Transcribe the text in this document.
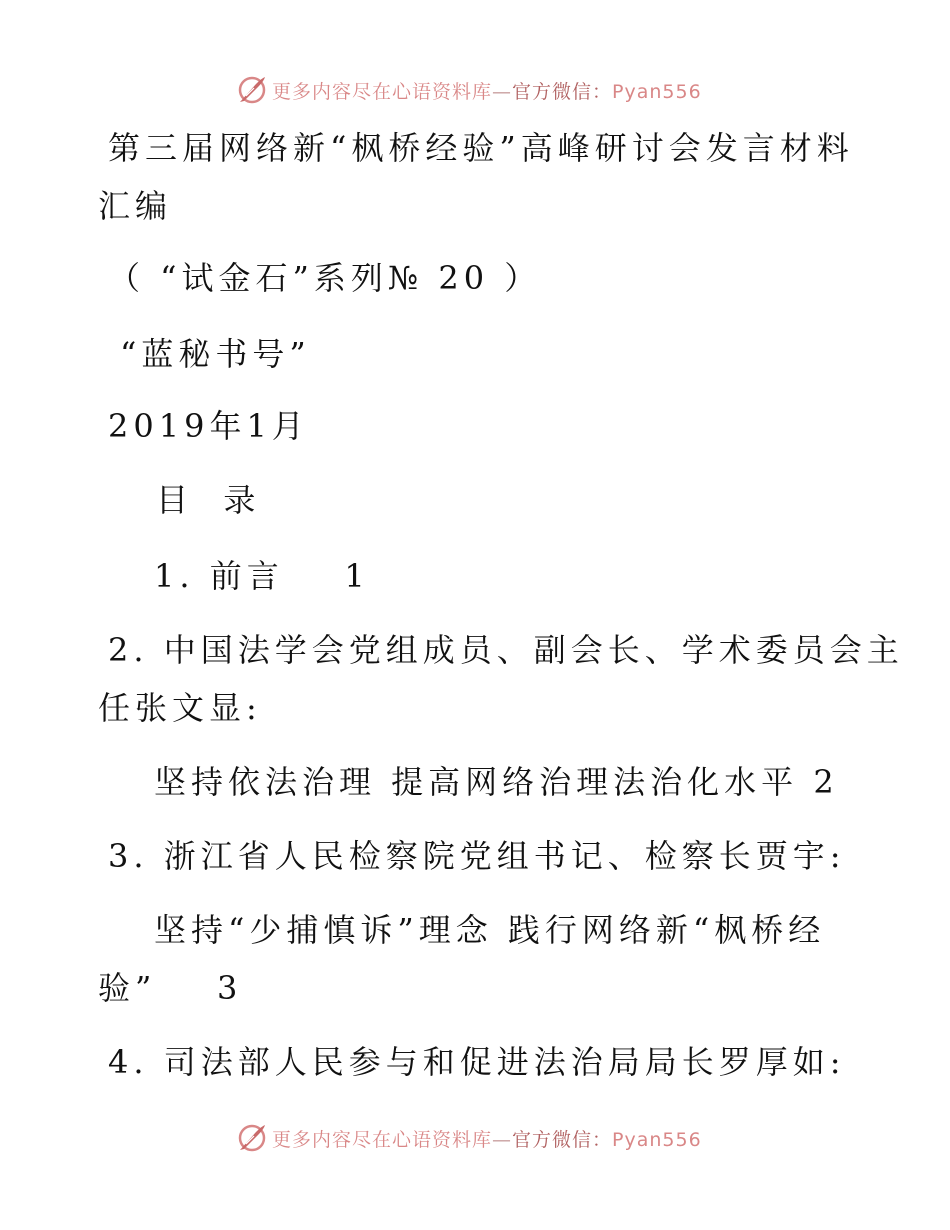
更多内容尽在心语资料库—官方微信：Pyan556
第三届网络新“枫桥经验”高峰研讨会发言材料
汇编
（ “试金石”系列№ 20 ）
“蓝秘书号”
2019年1月
目  录
1. 前言    1
2. 中国法学会党组成员、副会长、学术委员会主
任张文显:
坚持依法治理 提高网络治理法治化水平 2
3. 浙江省人民检察院党组书记、检察长贾宇:
坚持“少捕慎诉”理念 践行网络新“枫桥经
验”    3
4. 司法部人民参与和促进法治局局长罗厚如:
更多内容尽在心语资料库—官方微信：Pyan556
